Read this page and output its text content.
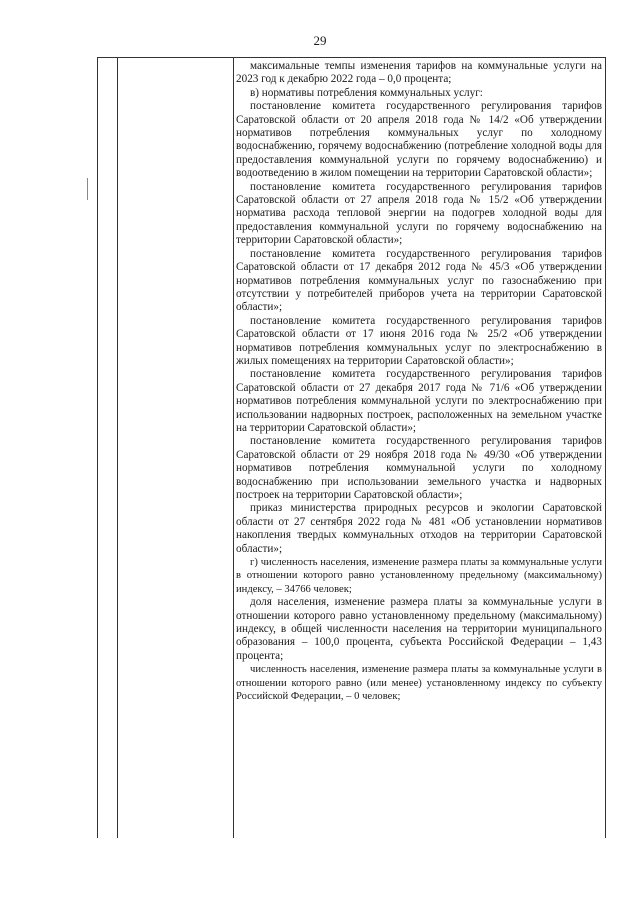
29

максимальные темпы изменения тарифов на коммунальные услуги на 2023 год к декабрю 2022 года – 0,0 процента;

в) нормативы потребления коммунальных услуг:

постановление комитета государственного регулирования тарифов Саратовской области от 20 апреля 2018 года № 14/2 «Об утверждении нормативов потребления коммунальных услуг по холодному водоснабжению, горячему водоснабжению (потребление холодной воды для предоставления коммунальной услуги по горячему водоснабжению) и водоотведению в жилом помещении на территории Саратовской области»;

постановление комитета государственного регулирования тарифов Саратовской области от 27 апреля 2018 года № 15/2 «Об утверждении норматива расхода тепловой энергии на подогрев холодной воды для предоставления коммунальной услуги по горячему водоснабжению на территории Саратовской области»;

постановление комитета государственного регулирования тарифов Саратовской области от 17 декабря 2012 года № 45/3 «Об утверждении нормативов потребления коммунальных услуг по газоснабжению при отсутствии у потребителей приборов учета на территории Саратовской области»;

постановление комитета государственного регулирования тарифов Саратовской области от 17 июня 2016 года № 25/2 «Об утверждении нормативов потребления коммунальных услуг по электроснабжению в жилых помещениях на территории Саратовской области»;

постановление комитета государственного регулирования тарифов Саратовской области от 27 декабря 2017 года № 71/6 «Об утверждении нормативов потребления коммунальной услуги по электроснабжению при использовании надворных построек, расположенных на земельном участке на территории Саратовской области»;

постановление комитета государственного регулирования тарифов Саратовской области от 29 ноября 2018 года № 49/30 «Об утверждении нормативов потребления коммунальной услуги по холодному водоснабжению при использовании земельного участка и надворных построек на территории Саратовской области»;

приказ министерства природных ресурсов и экологии Саратовской области от 27 сентября 2022 года № 481 «Об установлении нормативов накопления твердых коммунальных отходов на территории Саратовской области»;

г) численность населения, изменение размера платы за коммунальные услуги в отношении которого равно установленному предельному (максимальному) индексу, – 34766 человек;

доля населения, изменение размера платы за коммунальные услуги в отношении которого равно установленному предельному (максимальному) индексу, в общей численности населения на территории муниципального образования – 100,0 процента, субъекта Российской Федерации – 1,43 процента;

численность населения, изменение размера платы за коммунальные услуги в отношении которого равно (или менее) установленному индексу по субъекту Российской Федерации, – 0 человек;
